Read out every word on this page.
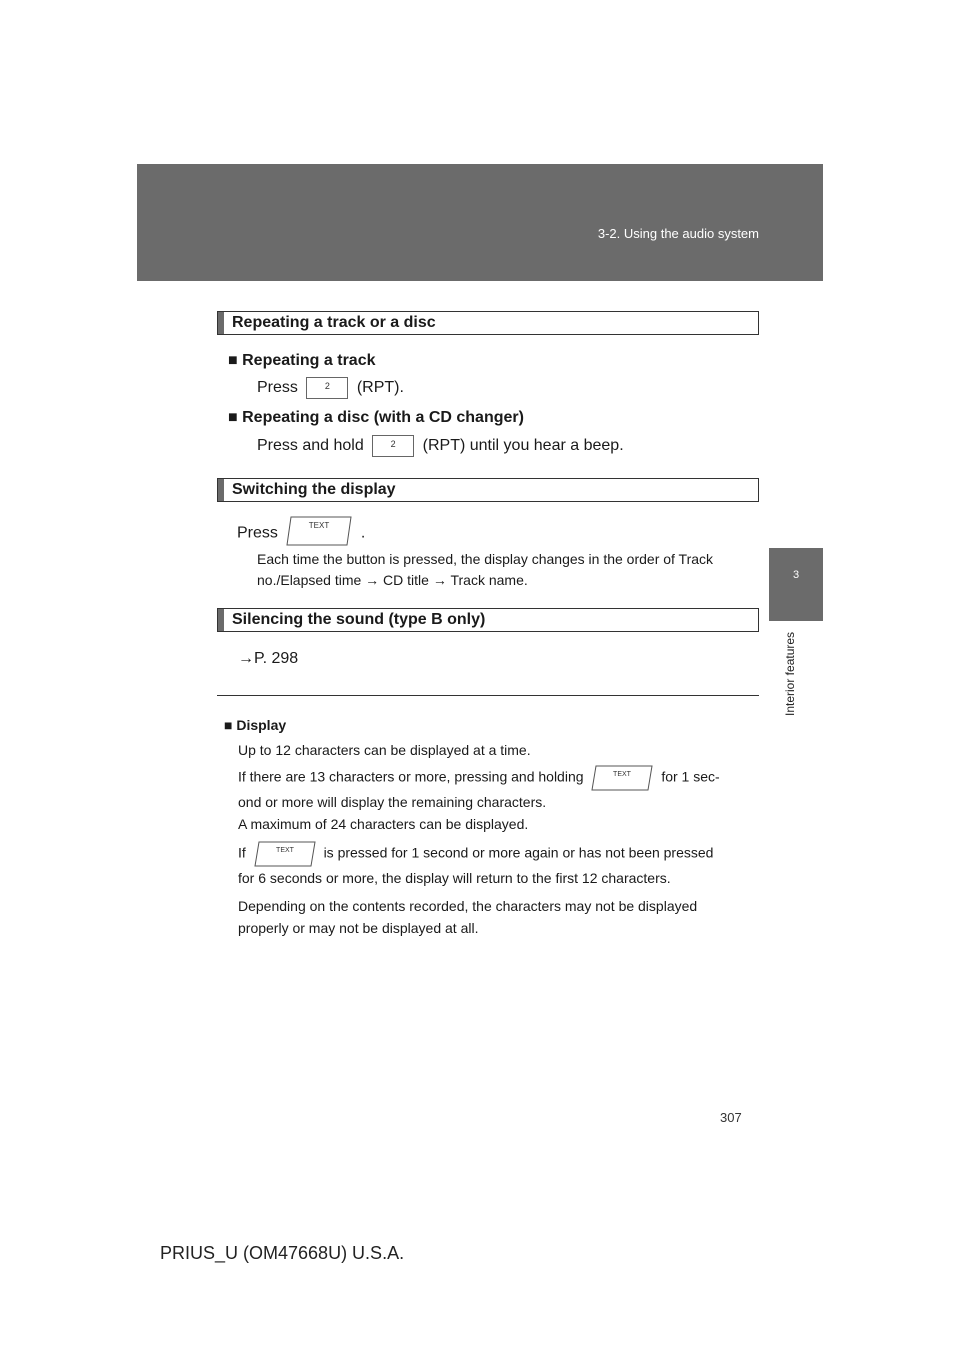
3-2. Using the audio system
3
Interior features
Repeating a track or a disc
■ Repeating a track
Press	2	(RPT).
■ Repeating a disc (with a CD changer)
Press and hold	2	(RPT) until you hear a beep.
Switching the display
Press	TEXT .
Each time the button is pressed, the display changes in the order of Track
no./Elapsed time → CD title → Track name.
Silencing the sound (type B only)
→P. 298

■ Display

Up to 12 characters can be displayed at a time.

If there are 13 characters or more, pressing and holding	TEXT for 1 sec-

ond or more will display the remaining characters.

A maximum of 24 characters can be displayed.

If	TEXT is pressed for 1 second or more again or has not been pressed

for 6 seconds or more, the display will return to the first 12 characters.

Depending on the contents recorded, the characters may not be displayed

properly or may not be displayed at all.

307
PRIUS_U (OM47668U) U.S.A.
